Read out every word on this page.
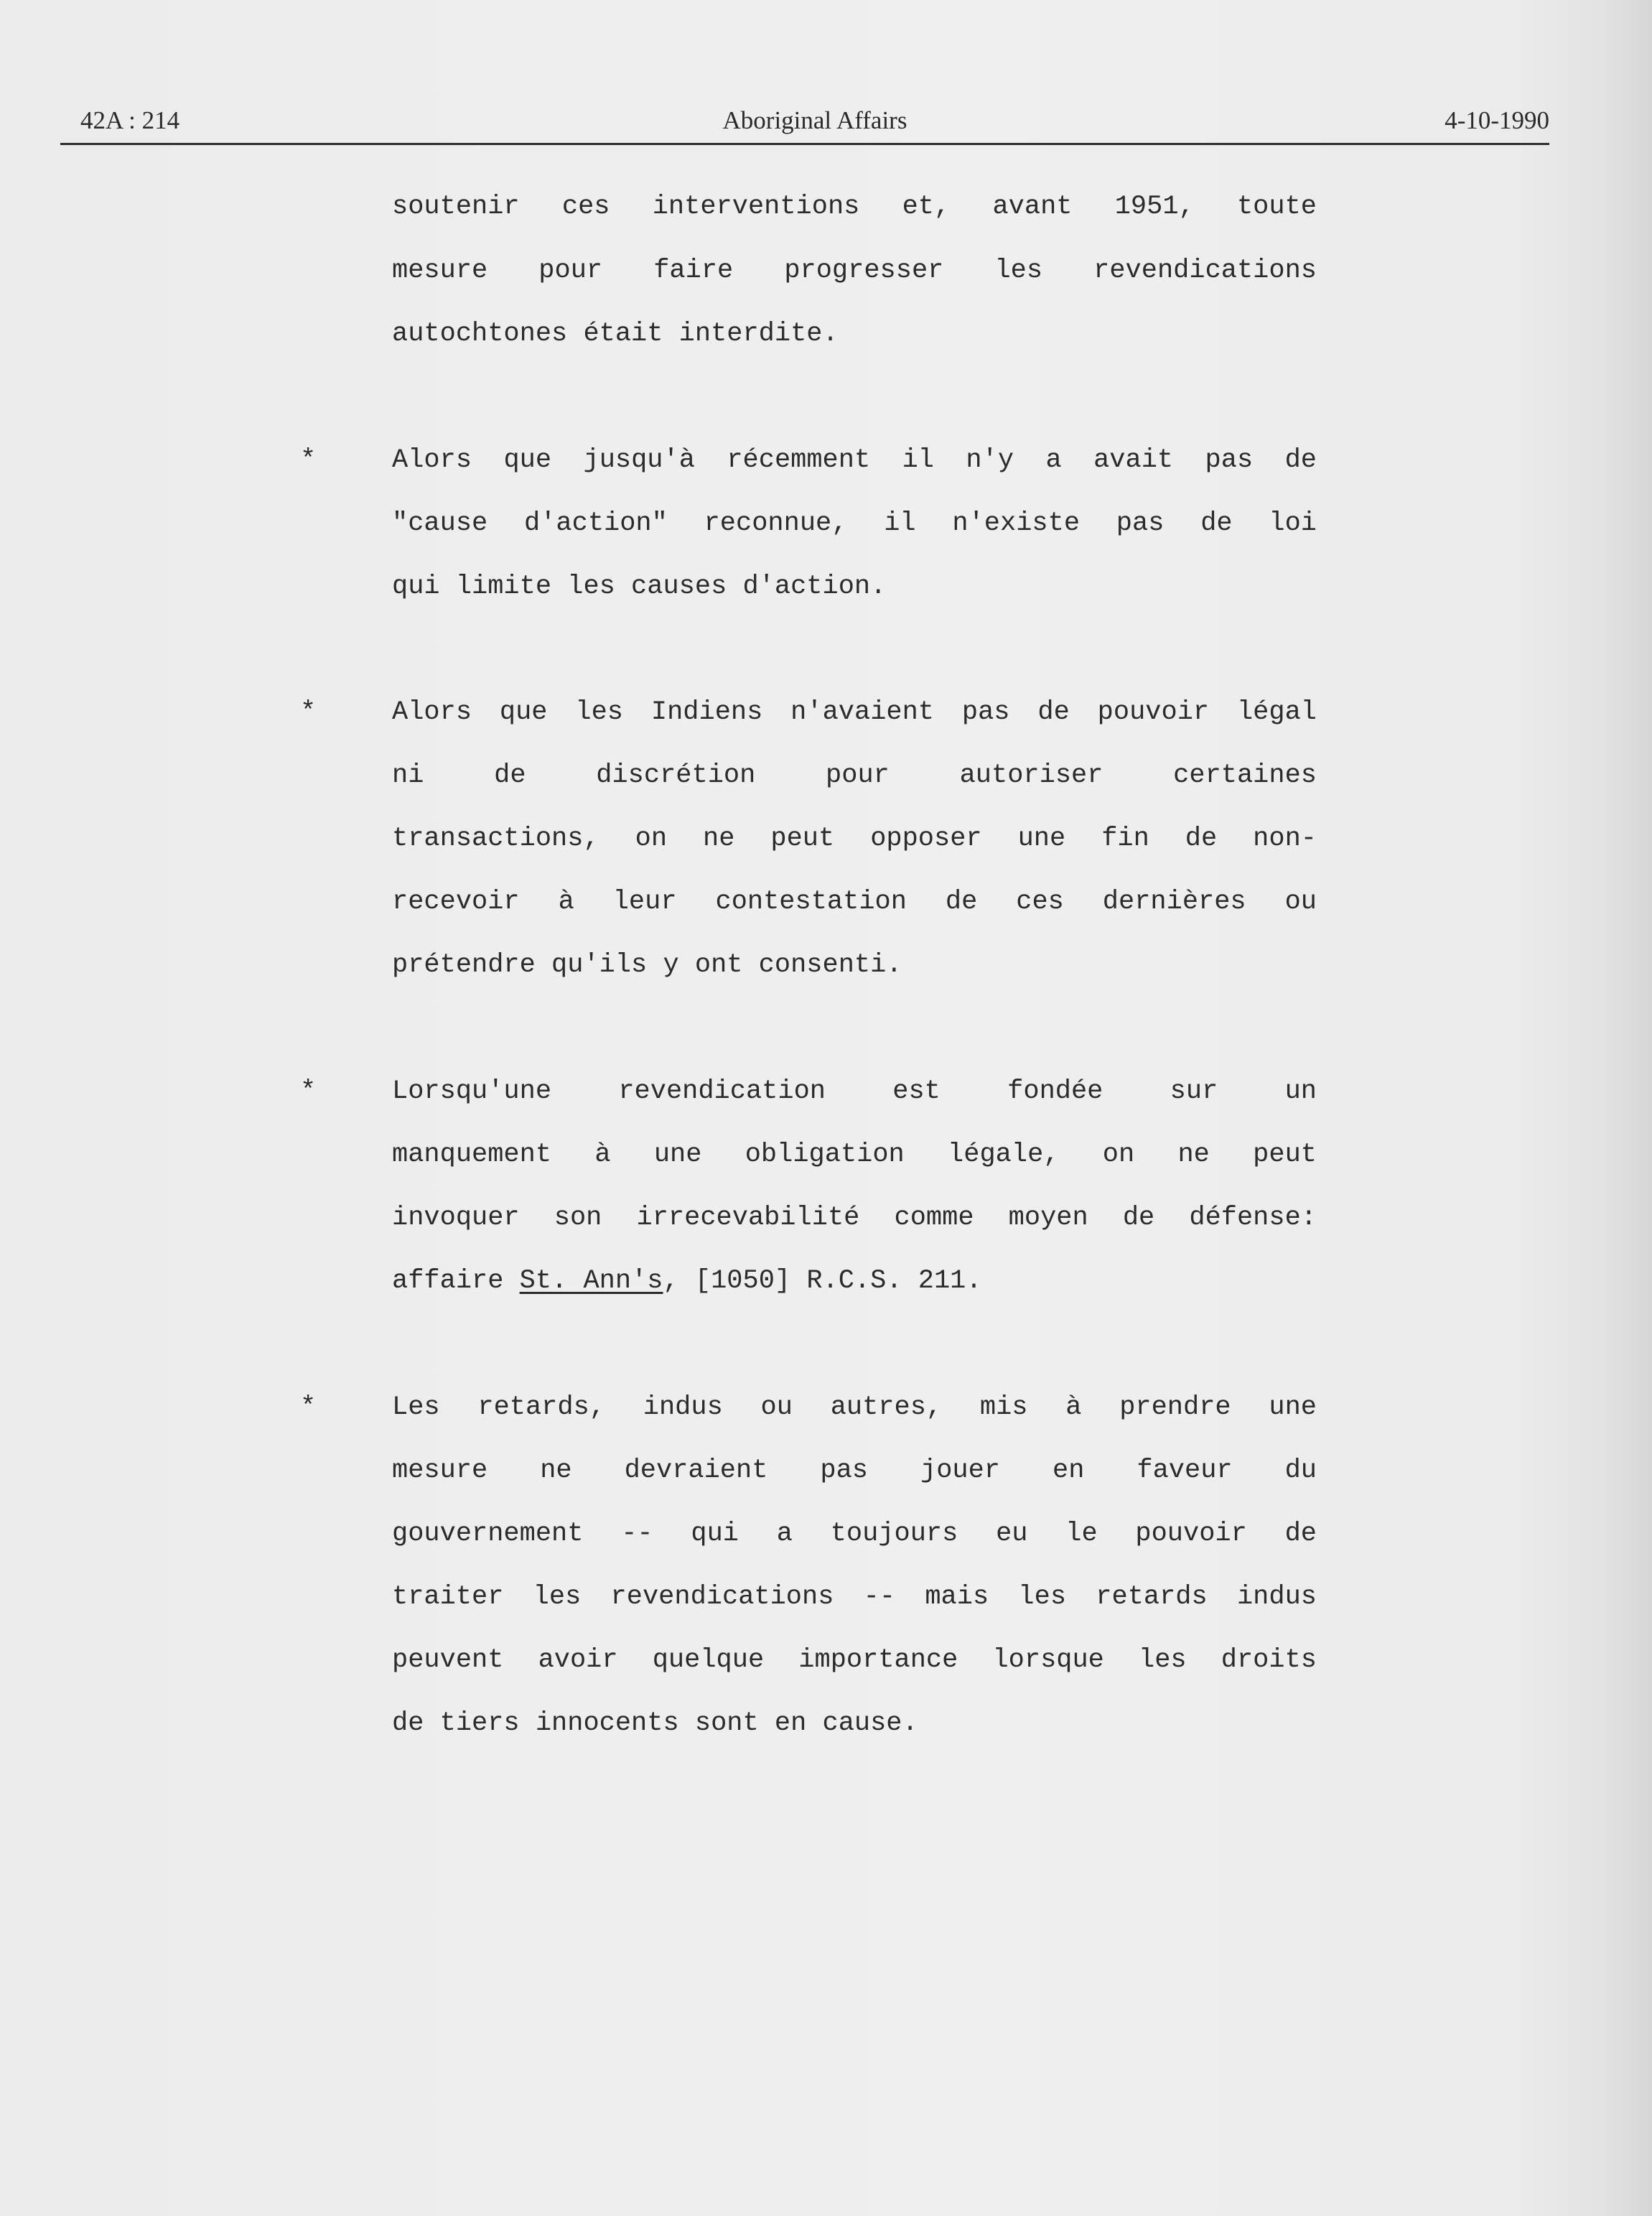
42A : 214	Aboriginal Affairs	4-10-1990
soutenir ces interventions et, avant 1951, toute
mesure pour faire progresser les revendications
autochtones était interdite.
*	Alors que jusqu'à récemment il n'y a avait pas de
"cause d'action" reconnue, il n'existe pas de loi
qui limite les causes d'action.
*	Alors que les Indiens n'avaient pas de pouvoir légal
ni de discrétion pour autoriser certaines
transactions, on ne peut opposer une fin de non-
recevoir à leur contestation de ces dernières ou
prétendre qu'ils y ont consenti.
*	Lorsqu'une revendication est fondée sur un
manquement à une obligation légale, on ne peut
invoquer son irrecevabilité comme moyen de défense:
affaire St. Ann's, [1050] R.C.S. 211.
*	Les retards, indus ou autres, mis à prendre une
mesure ne devraient pas jouer en faveur du
gouvernement -- qui a toujours eu le pouvoir de
traiter les revendications -- mais les retards indus
peuvent avoir quelque importance lorsque les droits
de tiers innocents sont en cause.
